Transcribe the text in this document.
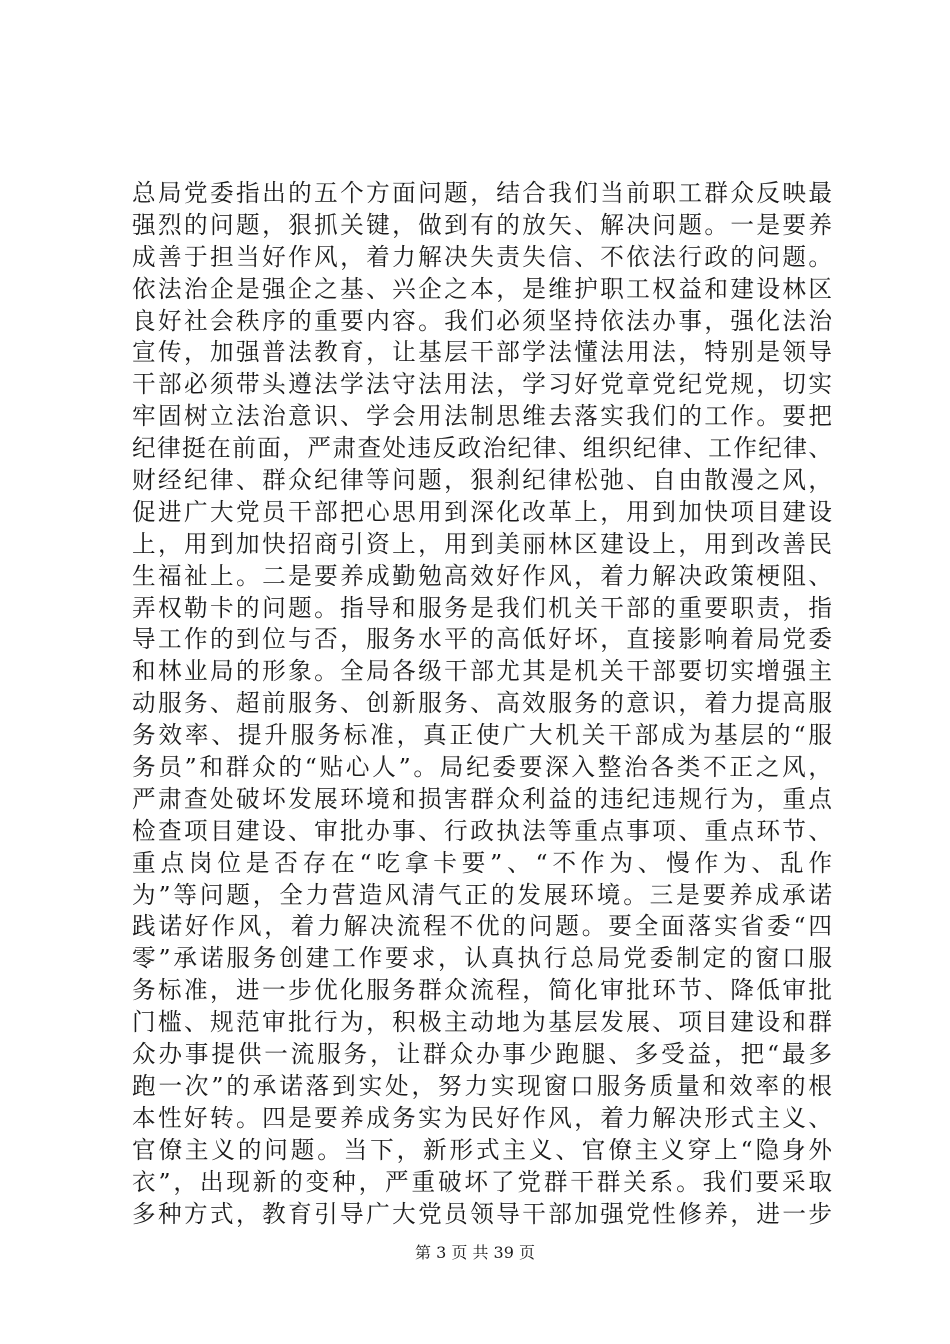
总局党委指出的五个方面问题，结合我们当前职工群众反映最
强烈的问题，狠抓关键，做到有的放矢、解决问题。一是要养
成善于担当好作风，着力解决失责失信、不依法行政的问题。
依法治企是强企之基、兴企之本，是维护职工权益和建设林区
良好社会秩序的重要内容。我们必须坚持依法办事，强化法治
宣传，加强普法教育，让基层干部学法懂法用法，特别是领导
干部必须带头遵法学法守法用法，学习好党章党纪党规，切实
牢固树立法治意识、学会用法制思维去落实我们的工作。要把
纪律挺在前面，严肃查处违反政治纪律、组织纪律、工作纪律、
财经纪律、群众纪律等问题，狠刹纪律松弛、自由散漫之风，
促进广大党员干部把心思用到深化改革上，用到加快项目建设
上，用到加快招商引资上，用到美丽林区建设上，用到改善民
生福祉上。二是要养成勤勉高效好作风，着力解决政策梗阻、
弄权勒卡的问题。指导和服务是我们机关干部的重要职责，指
导工作的到位与否，服务水平的高低好坏，直接影响着局党委
和林业局的形象。全局各级干部尤其是机关干部要切实增强主
动服务、超前服务、创新服务、高效服务的意识，着力提高服
务效率、提升服务标准，真正使广大机关干部成为基层的“服
务员”和群众的“贴心人”。局纪委要深入整治各类不正之风，
严肃查处破坏发展环境和损害群众利益的违纪违规行为，重点
检查项目建设、审批办事、行政执法等重点事项、重点环节、
重点岗位是否存在“吃拿卡要”、“不作为、慢作为、乱作
为”等问题，全力营造风清气正的发展环境。三是要养成承诺
践诺好作风，着力解决流程不优的问题。要全面落实省委“四
零”承诺服务创建工作要求，认真执行总局党委制定的窗口服
务标准，进一步优化服务群众流程，简化审批环节、降低审批
门槛、规范审批行为，积极主动地为基层发展、项目建设和群
众办事提供一流服务，让群众办事少跑腿、多受益，把“最多
跑一次”的承诺落到实处，努力实现窗口服务质量和效率的根
本性好转。四是要养成务实为民好作风，着力解决形式主义、
官僚主义的问题。当下，新形式主义、官僚主义穿上“隐身外
衣”，出现新的变种，严重破坏了党群干群关系。我们要采取
多种方式，教育引导广大党员领导干部加强党性修养，进一步
第 3 页 共 39 页
